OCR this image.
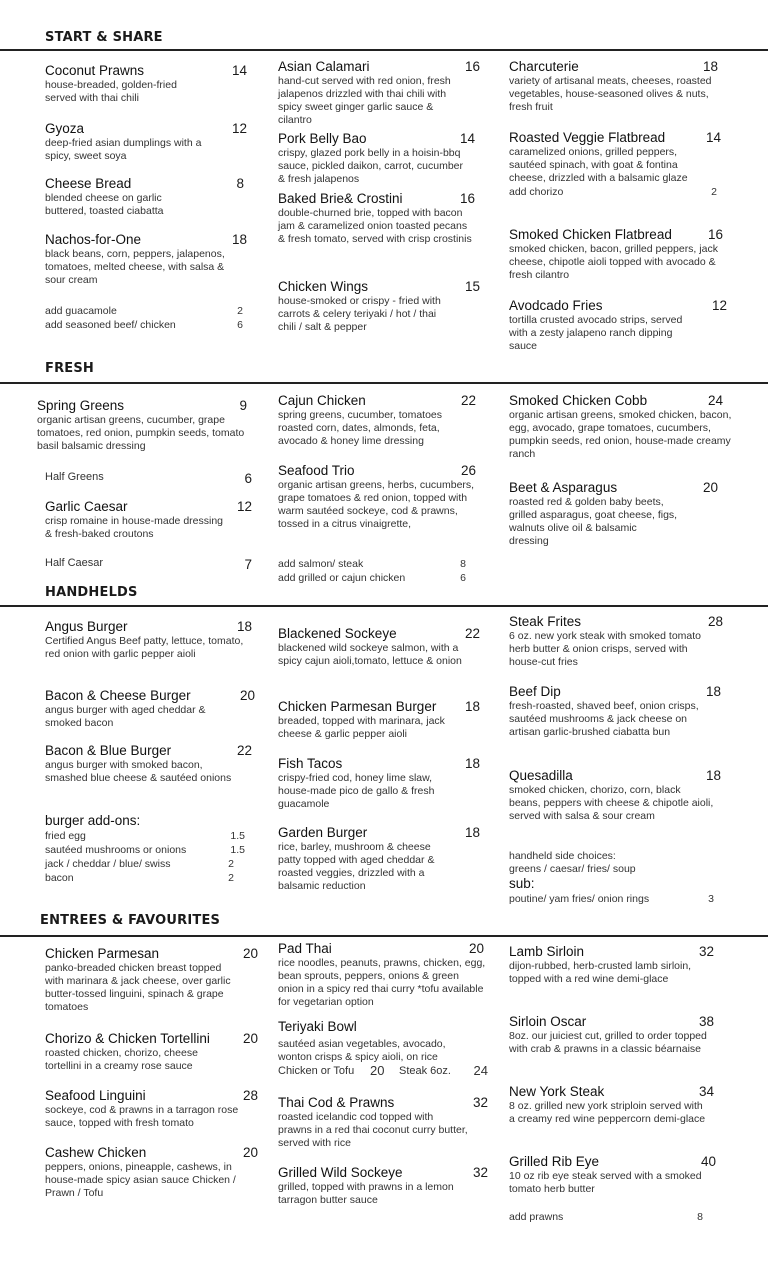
START & SHARE
Coconut Prawns	14
house-breaded, golden-fried served with thai chili
Gyoza	12
deep-fried asian dumplings with a spicy, sweet soya
Cheese Bread	8
blended cheese on garlic buttered, toasted ciabatta
Nachos-for-One	18
black beans, corn, peppers, jalapenos, tomatoes, melted cheese, with salsa & sour cream
add guacamole	2
add seasoned beef/ chicken	6
Asian Calamari	16
hand-cut served with red onion, fresh jalapenos drizzled with thai chili with spicy sweet ginger garlic sauce & cilantro
Pork Belly Bao	14
crispy, glazed pork belly in a hoisin-bbq sauce, pickled daikon, carrot, cucumber & fresh jalapenos
Baked Brie& Crostini	16
double-churned brie, topped with bacon jam & caramelized onion toasted pecans & fresh tomato, served with crisp crostinis
Chicken Wings	15
house-smoked or crispy - fried with carrots & celery teriyaki / hot / thai chili / salt & pepper
Charcuterie	18
variety of artisanal meats, cheeses, roasted vegetables, house-seasoned olives & nuts, fresh fruit
Roasted Veggie Flatbread	14
caramelized onions, grilled peppers, sautéed spinach, with goat & fontina cheese, drizzled with a balsamic glaze
add chorizo	2
Smoked Chicken Flatbread	16
smoked chicken, bacon, grilled peppers, jack cheese, chipotle aioli topped with avocado & fresh cilantro
Avodcado Fries	12
tortilla crusted avocado strips, served with a zesty jalapeno ranch dipping sauce
FRESH
Spring Greens	9
organic artisan greens, cucumber, grape tomatoes, red onion, pumpkin seeds, tomato basil balsamic dressing
Half Greens	6
Garlic Caesar	12
crisp romaine in house-made dressing & fresh-baked croutons
Half Caesar	7
Cajun Chicken	22
spring greens, cucumber, tomatoes roasted corn, dates, almonds, feta, avocado & honey lime dressing
Seafood Trio	26
organic artisan greens, herbs, cucumbers, grape tomatoes & red onion, topped with warm sautéed sockeye, cod & prawns, tossed in a citrus vinaigrette,
add salmon/ steak	8
add grilled or cajun chicken	6
Smoked Chicken Cobb	24
organic artisan greens, smoked chicken, bacon, egg, avocado, grape tomatoes, cucumbers, pumpkin seeds, red onion, house-made creamy ranch
Beet & Asparagus	20
roasted red & golden baby beets, grilled asparagus, goat cheese, figs, walnuts olive oil & balsamic dressing
HANDHELDS
Angus Burger	18
Certified Angus Beef patty, lettuce, tomato, red onion with garlic pepper aioli
Bacon & Cheese Burger	20
angus burger with aged cheddar & smoked bacon
Bacon & Blue Burger	22
angus burger with smoked bacon, smashed blue cheese & sautéed onions
burger add-ons:
fried egg	1.5
sautéed mushrooms or onions	1.5
jack / cheddar / blue/ swiss	2
bacon	2
Blackened Sockeye	22
blackened wild sockeye salmon, with a spicy cajun aioli,tomato, lettuce & onion
Chicken Parmesan Burger	18
breaded, topped with marinara, jack cheese & garlic pepper aioli
Fish Tacos	18
crispy-fried cod, honey lime slaw, house-made pico de gallo & fresh guacamole
Garden Burger	18
rice, barley, mushroom & cheese patty topped with aged cheddar & roasted veggies, drizzled with a balsamic reduction
Steak Frites	28
6 oz. new york steak with smoked tomato herb butter & onion crisps, served with house-cut fries
Beef Dip	18
fresh-roasted, shaved beef, onion crisps, sautéed mushrooms & jack cheese on artisan garlic-brushed ciabatta bun
Quesadilla	18
smoked chicken, chorizo, corn, black beans, peppers with cheese & chipotle aioli, served with salsa & sour cream
handheld side choices:
greens / caesar/ fries/ soup
sub:
poutine/ yam fries/ onion rings	3
ENTREES & FAVOURITES
Chicken Parmesan	20
panko-breaded chicken breast topped with marinara & jack cheese, over garlic butter-tossed linguini, spinach & grape tomatoes
Chorizo & Chicken Tortellini	20
roasted chicken, chorizo, cheese tortellini in a creamy rose sauce
Seafood Linguini	28
sockeye, cod & prawns in a tarragon rose sauce, topped with fresh tomato
Cashew Chicken	20
peppers, onions, pineapple, cashews, in house-made spicy asian sauce Chicken / Prawn / Tofu
Pad Thai	20
rice noodles, peanuts, prawns, chicken, egg, bean sprouts, peppers, onions & green onion in a spicy red thai curry *tofu available for vegetarian option
Teriyaki Bowl
sautéed asian vegetables, avocado, wonton crisps & spicy aioli, on rice
Chicken or Tofu 20 Steak 6oz. 24
Thai Cod & Prawns	32
roasted icelandic cod topped with prawns in a red thai coconut curry butter, served with rice
Grilled Wild Sockeye	32
grilled, topped with prawns in a lemon tarragon butter sauce
Lamb Sirloin	32
dijon-rubbed, herb-crusted lamb sirloin, topped with a red wine demi-glace
Sirloin Oscar	38
8oz. our juiciest cut, grilled to order topped with crab & prawns in a classic béarnaise
New York Steak	34
8 oz. grilled new york striploin served with a creamy red wine peppercorn demi-glace
Grilled Rib Eye	40
10 oz rib eye steak served with a smoked tomato herb butter
add prawns	8
